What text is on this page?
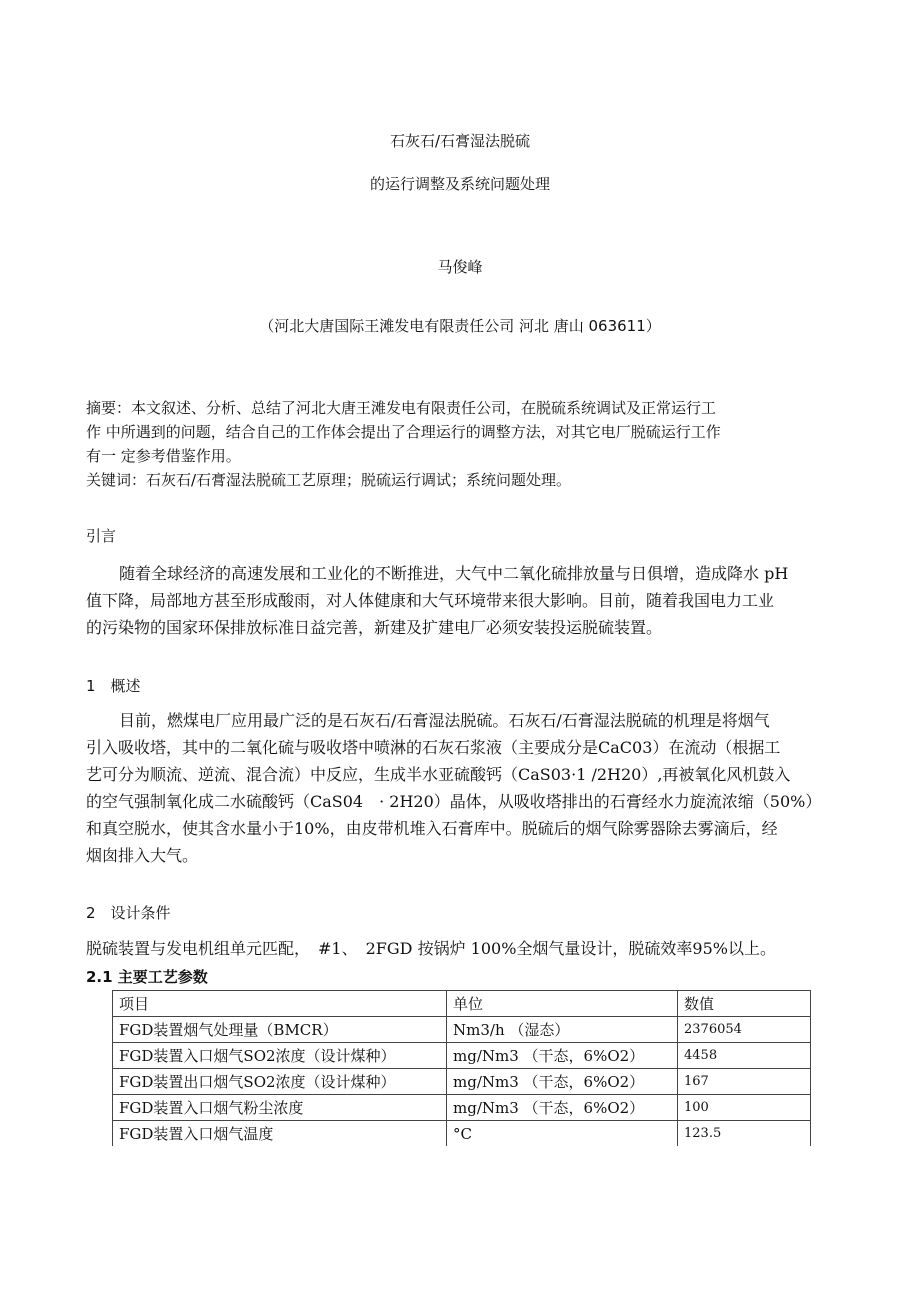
石灰石/石膏湿法脱硫
的运行调整及系统问题处理
马俊峰
（河北大唐国际王滩发电有限责任公司 河北 唐山 063611）
摘要：本文叙述、分析、总结了河北大唐王滩发电有限责任公司，在脱硫系统调试及正常运行工
作 中所遇到的问题，结合自己的工作体会提出了合理运行的调整方法，对其它电厂脱硫运行工作
有一 定参考借鉴作用。
关键词：石灰石/石膏湿法脱硫工艺原理；脱硫运行调试；系统问题处理。
引言
随着全球经济的高速发展和工业化的不断推进，大气中二氧化硫排放量与日俱增，造成降水 pH
值下降，局部地方甚至形成酸雨，对人体健康和大气环境带来很大影响。目前，随着我国电力工业
的污染物的国家环保排放标准日益完善，新建及扩建电厂必须安装投运脱硫装置。
1　概述
目前，燃煤电厂应用最广泛的是石灰石/石膏湿法脱硫。石灰石/石膏湿法脱硫的机理是将烟气
引入吸收塔，其中的二氧化硫与吸收塔中喷淋的石灰石浆液（主要成分是CaC03）在流动（根据工
艺可分为顺流、逆流、混合流）中反应，生成半水亚硫酸钙（CaS03·1 /2H20）,再被氧化风机鼓入
的空气强制氧化成二水硫酸钙（CaS04　· 2H20）晶体，从吸收塔排出的石膏经水力旋流浓缩（50%）
和真空脱水，使其含水量小于10%，由皮带机堆入石膏库中。脱硫后的烟气除雾器除去雾滴后，经
烟囱排入大气。
2　设计条件
脱硫装置与发电机组单元匹配，　#1、　2FGD 按锅炉 100%全烟气量设计，脱硫效率95%以上。
2.1 主要工艺参数
项目	单位	数值
FGD装置烟气处理量（BMCR）	Nm3/h （湿态）	2376054
FGD装置入口烟气SO2浓度（设计煤种）	mg/Nm3 （干态，6%O2）	4458
FGD装置出口烟气SO2浓度（设计煤种）	mg/Nm3 （干态，6%O2）	167
FGD装置入口烟气粉尘浓度	mg/Nm3 （干态，6%O2）	100
FGD装置入口烟气温度	°C	123.5
